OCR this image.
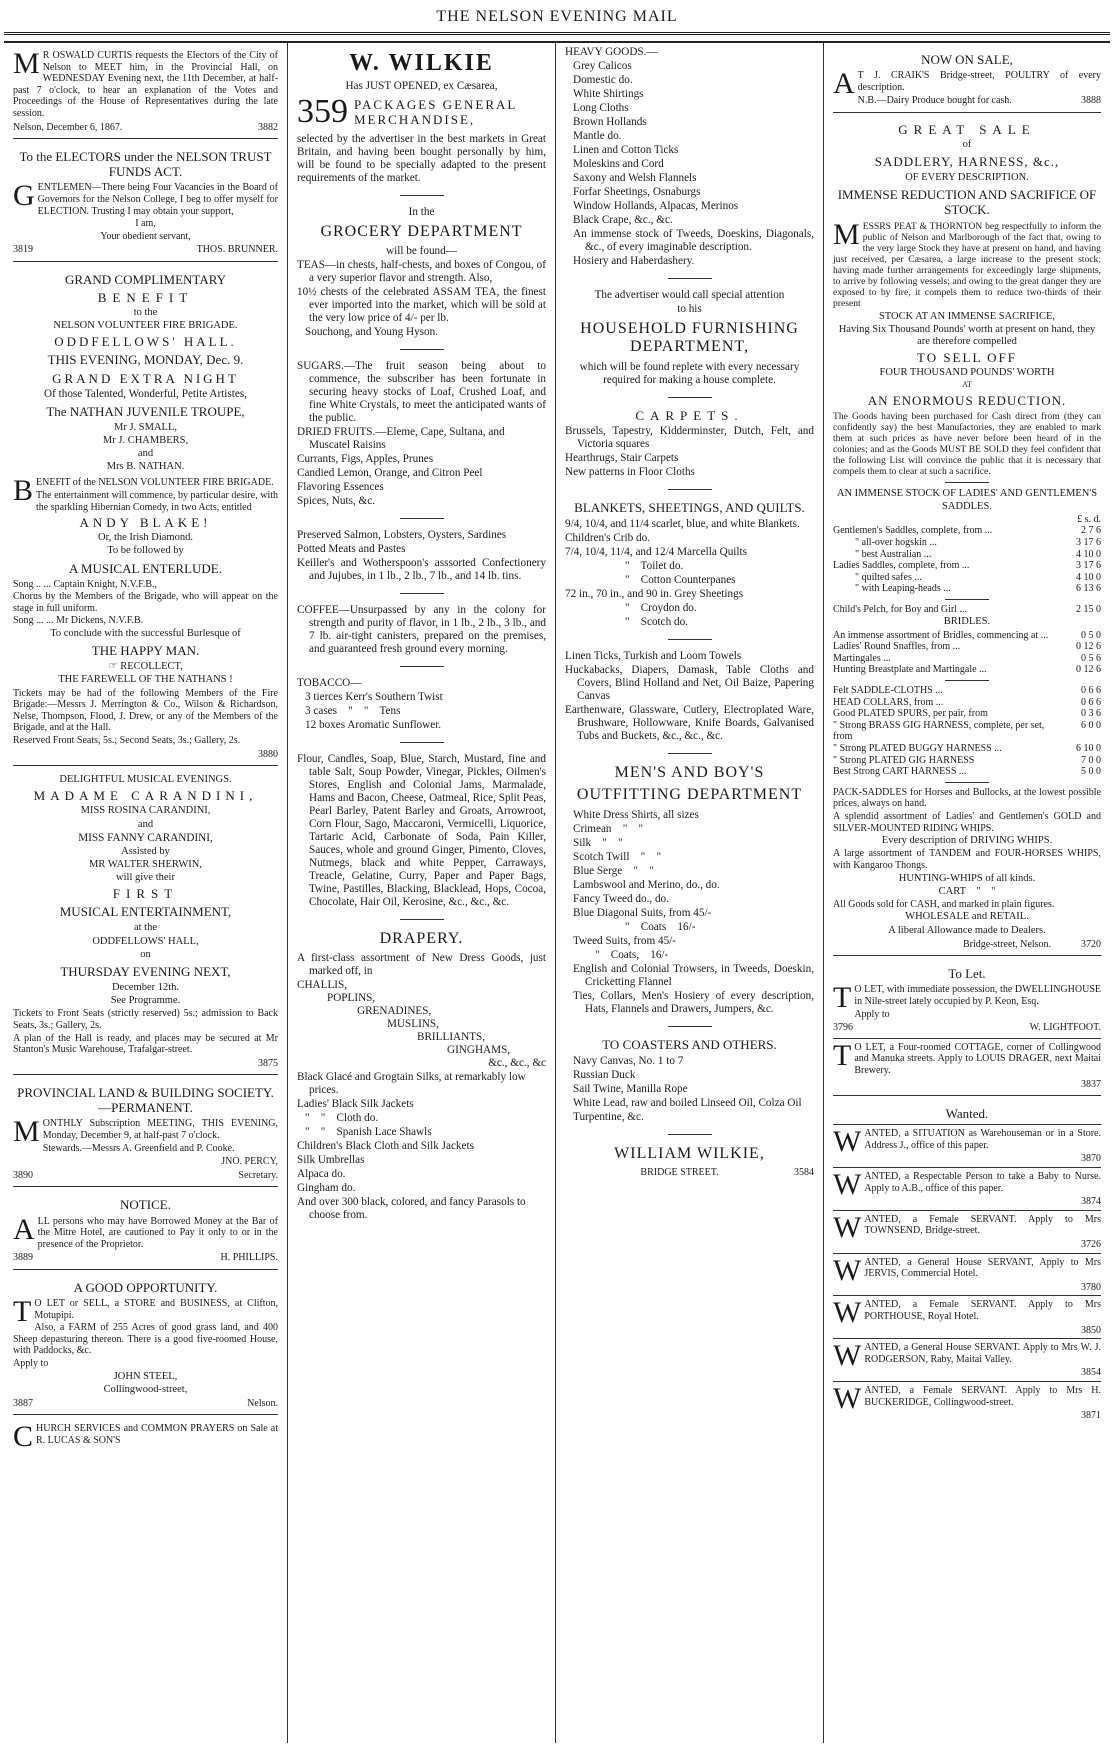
THE NELSON EVENING MAIL
MR OSWALD CURTIS requests the Electors of the City of Nelson to MEET him, in the Provincial Hall, on WEDNESDAY Evening next, the 11th December, at half-past 7 o'clock, to hear an explanation of the Votes and Proceedings of the House of Representatives during the late session.
Nelson, December 6, 1867.	3882
To the ELECTORS under the NELSON TRUST FUNDS ACT.
GENTLEMEN—There being Four Vacancies in the Board of Governors for the Nelson College, I beg to offer myself for ELECTION. Trusting I may obtain your support,
I am,
Your obedient servant,
3819	THOS. BRUNNER.
GRAND COMPLIMENTARY
BENEFIT
to the
NELSON VOLUNTEER FIRE BRIGADE.
ODDFELLOWS' HALL.
THIS EVENING, MONDAY, Dec. 9.
GRAND EXTRA NIGHT
Of those Talented, Wonderful, Petite Artistes,
The NATHAN JUVENILE TROUPE,
Mr J. SMALL,
Mr J. CHAMBERS,
and
Mrs B. NATHAN.
BENEFIT of the NELSON VOLUNTEER FIRE BRIGADE.
The entertainment will commence, by particular desire, with the sparkling Hibernian Comedy, in two Acts, entitled
ANDY BLAKE!
Or, the Irish Diamond.
To be followed by
A MUSICAL ENTERLUDE.
Song .. ... Captain Knight, N.V.F.B.,
Chorus by the Members of the Brigade, who will appear on the stage in full uniform.
Song ... ... Mr Dickens, N.V.F.B.
To conclude with the successful Burlesque of
THE HAPPY MAN.
☞ RECOLLECT,
THE FAREWELL OF THE NATHANS !
Tickets may be had of the following Members of the Fire Brigade:—Messrs J. Merrington & Co., Wilson & Richardson, Nelse, Thompson, Flood, J. Drew, or any of the Members of the Brigade, and at the Hall.
Reserved Front Seats, 5s.; Second Seats, 3s.; Gallery, 2s.
3880
DELIGHTFUL MUSICAL EVENINGS.
MADAME CARANDINI,
MISS ROSINA CARANDINI,
and
MISS FANNY CARANDINI,
Assisted by
MR WALTER SHERWIN,
will give their
FIRST
MUSICAL ENTERTAINMENT,
at the
ODDFELLOWS' HALL,
on
THURSDAY EVENING NEXT,
December 12th.
See Programme.
Tickets to Front Seats (strictly reserved) 5s.; admission to Back Seats, 3s.; Gallery, 2s.
A plan of the Hall is ready, and places may be secured at Mr Stanton's Music Warehouse, Trafalgar-street.
3875
PROVINCIAL LAND & BUILDING SOCIETY.—PERMANENT.
MONTHLY Subscription MEETING, THIS EVENING, Monday, December 9, at half-past 7 o'clock.
Stewards.—Messrs A. Greenfield and P. Cooke.
JNO. PERCY,
3890	Secretary.
NOTICE.
ALL persons who may have Borrowed Money at the Bar of the Mitre Hotel, are cautioned to Pay it only to or in the presence of the Proprietor.
3889	H. PHILLIPS.
A GOOD OPPORTUNITY.
TO LET or SELL, a STORE and BUSINESS, at Clifton, Motupipi.
Also, a FARM of 255 Acres of good grass land, and 400 Sheep depasturing thereon. There is a good five-roomed House, with Paddocks, &c.
Apply to
JOHN STEEL,
Collingwood-street,
3887	Nelson.
CHURCH SERVICES and COMMON PRAYERS on Sale at R. LUCAS & SON'S
W. WILKIE
Has JUST OPENED, ex Cæsarea,
359 PACKAGES GENERAL MERCHANDISE,
selected by the advertiser in the best markets in Great Britain, and having been bought personally by him, will be found to be specially adapted to the present requirements of the market.
In the
GROCERY DEPARTMENT
will be found—
TEAS—in chests, half-chests, and boxes of Congou, of a very superior flavor and strength. Also,
10½ chests of the celebrated ASSAM TEA, the finest ever imported into the market, which will be sold at the very low price of 4/- per lb.
Souchong, and Young Hyson.
SUGARS.—The fruit season being about to commence, the subscriber has been fortunate in securing heavy stocks of Loaf, Crushed Loaf, and fine White Crystals, to meet the anticipated wants of the public.
DRIED FRUITS.—Eleme, Cape, Sultana, and Muscatel Raisins
Currants, Figs, Apples, Prunes
Candied Lemon, Orange, and Citron Peel
Flavoring Essences
Spices, Nuts, &c.
Preserved Salmon, Lobsters, Oysters, Sardines
Potted Meats and Pastes
Keiller's and Wotherspoon's asssorted Confectionery and Jujubes, in 1 lb., 2 lb., 7 lb., and 14 lb. tins.
COFFEE—Unsurpassed by any in the colony for strength and purity of flavor, in 1 lb., 2 lb., 3 lb., and 7 lb. air-tight canisters, prepared on the premises, and guaranteed fresh ground every morning.
TOBACCO—
3 tierces Kerr's Southern Twist
3 cases    "    "    Tens
12 boxes Aromatic Sunflower.
Flour, Candles, Soap, Blue, Starch, Mustard, fine and table Salt, Soup Powder, Vinegar, Pickles, Oilmen's Stores, English and Colonial Jams, Marmalade, Hams and Bacon, Cheese, Oatmeal, Rice, Split Peas, Pearl Barley, Patent Barley and Groats, Arrowroot, Corn Flour, Sago, Maccaroni, Vermicelli, Liquorice, Tartaric Acid, Carbonate of Soda, Pain Killer, Sauces, whole and ground Ginger, Pimento, Cloves, Nutmegs, black and white Pepper, Carraways, Treacle, Gelatine, Curry, Paper and Paper Bags, Twine, Pastilles, Blacking, Blacklead, Hops, Cocoa, Chocolate, Hair Oil, Kerosine, &c., &c., &c.
DRAPERY.
A first-class assortment of New Dress Goods, just marked off, in
CHALLIS,
POPLINS,
GRENADINES,
MUSLINS,
BRILLIANTS,
GINGHAMS,
&c., &c., &c
Black Glacé and Grogtain Silks, at remarkably low prices.
Ladies' Black Silk Jackets
"    "    Cloth do.
"    "    Spanish Lace Shawls
Children's Black Cloth and Silk Jackets
Silk Umbrellas
Alpaca do.
Gingham do.
And over 300 black, colored, and fancy Parasols to choose from.
HEAVY GOODS.—
Grey Calicos
Domestic do.
White Shirtings
Long Cloths
Brown Hollands
Mantle do.
Linen and Cotton Ticks
Moleskins and Cord
Saxony and Welsh Flannels
Forfar Sheetings, Osnaburgs
Window Hollands, Alpacas, Merinos
Black Crape, &c., &c.
An immense stock of Tweeds, Doeskins, Diagonals, &c., of every imaginable description.
Hosiery and Haberdashery.
The advertiser would call special attention
to his
HOUSEHOLD FURNISHING DEPARTMENT,
which will be found replete with every necessary required for making a house complete.
CARPETS.
Brussels, Tapestry, Kidderminster, Dutch, Felt, and Victoria squares
Hearthrugs, Stair Carpets
New patterns in Floor Cloths
BLANKETS, SHEETINGS, AND QUILTS.
9/4, 10/4, and 11/4 scarlet, blue, and white Blankets.
Children's Crib do.
7/4, 10/4, 11/4, and 12/4 Marcella Quilts
"    Toilet do.
"    Cotton Counterpanes
72 in., 70 in., and 90 in. Grey Sheetings
"    Croydon do.
"    Scotch do.
Linen Ticks, Turkish and Loom Towels
Huckabacks, Diapers, Damask, Table Cloths and Covers, Blind Holland and Net, Oil Baize, Papering Canvas
Earthenware, Glassware, Cutlery, Electroplated Ware, Brushware, Hollowware, Knife Boards, Galvanised Tubs and Buckets, &c., &c., &c.
MEN'S AND BOY'S
OUTFITTING DEPARTMENT
White Dress Shirts, all sizes
Crimean    "    "
Silk    "    "
Scotch Twill    "    "
Blue Serge    "    "
Lambswool and Merino, do., do.
Fancy Tweed do., do.
Blue Diagonal Suits, from 45/-
"    Coats    16/-
Tweed Suits, from 45/-
"    Coats,    16/-
English and Colonial Trowsers, in Tweeds, Doeskin, Cricketting Flannel
Ties, Collars, Men's Hosiery of every description, Hats, Flannels and Drawers, Jumpers, &c.
TO COASTERS AND OTHERS.
Navy Canvas, No. 1 to 7
Russian Duck
Sail Twine, Manilla Rope
White Lead, raw and boiled Linseed Oil, Colza Oil
Turpentine, &c.
WILLIAM WILKIE,
BRIDGE STREET.	3584
NOW ON SALE,
AT J. CRAIK'S Bridge-street, POULTRY of every description.
N.B.—Dairy Produce bought for cash.	3888
GREAT SALE
of
SADDLERY, HARNESS, &c.,
OF EVERY DESCRIPTION.
IMMENSE REDUCTION AND SACRIFICE OF STOCK.
MESSRS PEAT & THORNTON beg respectfully to inform the public of Nelson and Marlborough of the fact that, owing to the very large Stock they have at present on hand, and having just received, per Cæsarea, a large increase to the present stock; having made further arrangements for exceedingly large shipments, to arrive by following vessels; and owing to the great danger they are exposed to by fire, it compels them to reduce two-thirds of their present
STOCK AT AN IMMENSE SACRIFICE,
Having Six Thousand Pounds' worth at present on hand, they are therefore compelled
TO SELL OFF
FOUR THOUSAND POUNDS' WORTH
AT
AN ENORMOUS REDUCTION.
The Goods having been purchased for Cash direct from (they can confidently say) the best Manufactories, they are enabled to mark them at such prices as have never before been heard of in the colonies; and as the Goods MUST BE SOLD they feel confident that the following List will convince the public that it is necessary that compels them to clear at such a sacrifice.
AN IMMENSE STOCK OF LADIES' AND GENTLEMEN'S SADDLES.
£ s. d.
Gentlemen's Saddles, complete, from ...	2 7 6
" all-over hogskin ...	3 17 6
" best Australian ...	4 10 0
Ladies Saddles, complete, from ...	3 17 6
" quilted safes ...	4 10 0
" with Leaping-heads ...	6 13 6
Child's Pelch, for Boy and Girl ...	2 15 0
BRIDLES.
An immense assortment of Bridles, commencing at ...	0 5 0
Ladies' Round Snaffles, from ...	0 12 6
Martingales ...	0 5 6
Hunting Breastplate and Martingale ...	0 12 6
Felt SADDLE-CLOTHS ...	0 6 6
HEAD COLLARS, from ...	0 6 6
Good PLATED SPURS, per pair, from	0 3 6
" Strong BRASS GIG HARNESS, complete, per set, from	6 0 0
" Strong PLATED BUGGY HARNESS ...	6 10 0
" Strong PLATED GIG HARNESS	7 0 0
Best Strong CART HARNESS ...	5 0 0
PACK-SADDLES for Horses and Bullocks, at the lowest possible prices, always on hand.
A splendid assortment of Ladies' and Gentlemen's GOLD and SILVER-MOUNTED RIDING WHIPS.
Every description of DRIVING WHIPS.
A large assortment of TANDEM and FOUR-HORSES WHIPS, with Kangaroo Thongs.
HUNTING-WHIPS of all kinds.
CART    "    "
All Goods sold for CASH, and marked in plain figures.
WHOLESALE and RETAIL.
A liberal Allowance made to Dealers.
Bridge-street, Nelson.	3720
To Let.
TO LET, with immediate possession, the DWELLINGHOUSE in Nile-street lately occupied by P. Keon, Esq.
Apply to
3796	W. LIGHTFOOT.
TO LET, a Four-roomed COTTAGE, corner of Collingwood and Manuka streets. Apply to LOUIS DRAGER, next Maitai Brewery.
3837
Wanted.
WANTED, a SITUATION as Warehouseman or in a Store. Address J., office of this paper.
3870
WANTED, a Respectable Person to take a Baby to Nurse. Apply to A.B., office of this paper.
3874
WANTED, a Female SERVANT. Apply to Mrs TOWNSEND, Bridge-street.
3726
WANTED, a General House SERVANT, Apply to Mrs JERVIS, Commercial Hotel.
3780
WANTED, a Female SERVANT. Apply to Mrs PORTHOUSE, Royal Hotel.
3850
WANTED, a General House SERVANT. Apply to Mrs W. J. RODGERSON, Raby, Maitai Valley.
3854
WANTED, a Female SERVANT. Apply to Mrs H. BUCKERIDGE, Collingwood-street.
3871
